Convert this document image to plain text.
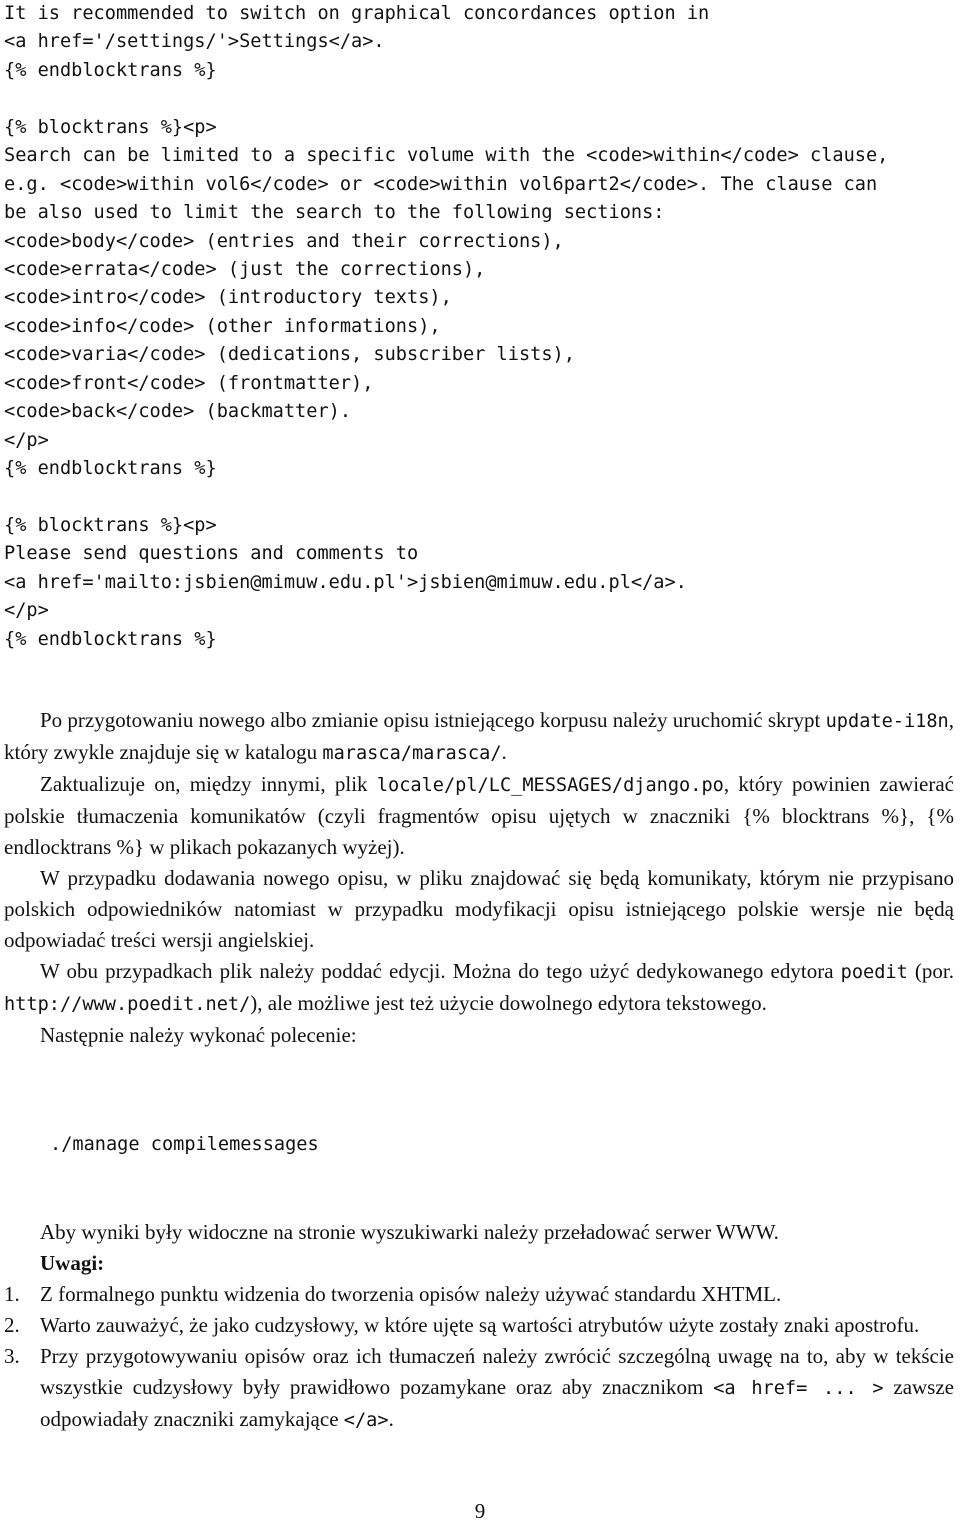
It is recommended to switch on graphical concordances option in
<a href='/settings/'>Settings</a>.
{% endblocktrans %}
{% blocktrans %}<p>
Search can be limited to a specific volume with the <code>within</code> clause,
e.g. <code>within vol6</code> or <code>within vol6part2</code>. The clause can
be also used to limit the search to the following sections:
<code>body</code> (entries and their corrections),
<code>errata</code> (just the corrections),
<code>intro</code> (introductory texts),
<code>info</code> (other informations),
<code>varia</code> (dedications, subscriber lists),
<code>front</code> (frontmatter),
<code>back</code> (backmatter).
</p>
{% endblocktrans %}
{% blocktrans %}<p>
Please send questions and comments to
<a href='mailto:jsbien@mimuw.edu.pl'>jsbien@mimuw.edu.pl</a>.
</p>
{% endblocktrans %}

Po przygotowaniu nowego albo zmianie opisu istniejącego korpusu należy uruchomić skrypt update-i18n, który zwykle znajduje się w katalogu marasca/marasca/.

Zaktualizuje on, między innymi, plik locale/pl/LC_MESSAGES/django.po, który powinien zawierać polskie tłumaczenia komunikatów (czyli fragmentów opisu ujętych w znaczniki {% blocktrans %}, {% endlocktrans %} w plikach pokazanych wyżej).

W przypadku dodawania nowego opisu, w pliku znajdować się będą komunikaty, którym nie przypisano polskich odpowiedników natomiast w przypadku modyfikacji opisu istniejącego polskie wersje nie będą odpowiadać treści wersji angielskiej.

W obu przypadkach plik należy poddać edycji. Można do tego użyć dedykowanego edytora poedit (por. http://www.poedit.net/), ale możliwe jest też użycie dowolnego edytora tekstowego.

Następnie należy wykonać polecenie:

./manage compilemessages

Aby wyniki były widoczne na stronie wyszukiwarki należy przeładować serwer WWW.

Uwagi:

1. Z formalnego punktu widzenia do tworzenia opisów należy używać standardu XHTML.
2. Warto zauważyć, że jako cudzysłowy, w które ujęte są wartości atrybutów użyte zostały znaki apostrofu.
3. Przy przygotowywaniu opisów oraz ich tłumaczeń należy zwrócić szczególną uwagę na to, aby w tekście wszystkie cudzysłowy były prawidłowo pozamykane oraz aby znacznikom <a href= ... > zawsze odpowiadały znaczniki zamykające </a>.
9
